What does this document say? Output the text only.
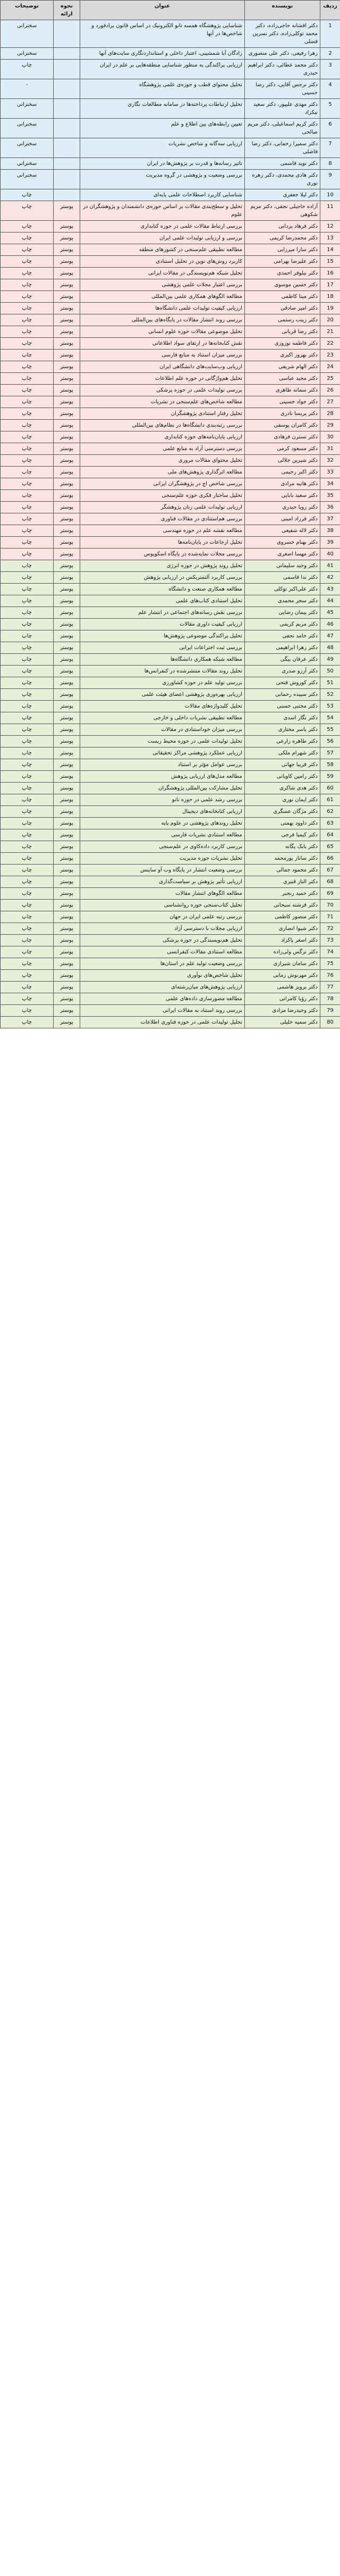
ردیف	نویسنده	عنوان	نحوه ارائه	توضیحات
1	دکتر افشانه حاجی‌زاده، دکتر محمد توکلی‌زاده، دکتر نسرین فضلی	شناسایی پژوهشگاه همسه نانو الکترونیک در اساس قانون برادفورد و شاخص‌ها در آنها		سخنرانی
2	زهرا رفیعی، دکتر علی منصوری	زادگان آبا شمشینی، اعتبار داخلی و استانداردنگاری سایت‌های آنها		سخنرانی
3	دکتر محمد عطائی، دکتر ابراهیم حیدری	ارزیابی پراکندگی به منظور شناسایی منطقه‌هایی بر علم در ایران		چاپ
4	دکتر نرجس آقایی، دکتر رضا حسینی	تحلیل محتوای قطب و حوزه‌ی علمی پژوهشگاه		-
5	دکتر مهدی علیپور، دکتر سعید نیکزاد	تحلیل ارتباطات پرداخته‌ها در سامانه مطالعات نگاری		سخنرانی
6	دکتر کریم اسماعیلی، دکتر مریم صالحی	تعیین رابطه‌های بین اطلاع و علم		سخنرانی
7	دکتر سمیرا رحمانی، دکتر رضا فاضلی	ارزیابی سه‌گانه و شاخص نشریات		سخنرانی
8	دکتر نوید قاسمی	تاثیر رسانه‌ها و قدرت بر پژوهش‌ها در ایران		سخنرانی
9	دکتر هادی محمدی، دکتر زهره نوری	بررسی وضعیت و پژوهشی در گروه مدیریت		سخنرانی
10	دکتر لیلا جعفری	شناسایی کاربرد اصطلاحات علمی پایه‌ای		چاپ
11	آزاده حاجیلی نجفی، دکتر مریم شکوهی	تحلیل و سطح‌بندی مقالات بر اساس حوزه‌ی دانشمندان و پژوهشگران در علوم	پوستر	چاپ
12	دکتر فرهاد یزدانی	بررسی ارتباط مقالات علمی در حوزه کتابداری	پوستر	چاپ
13	دکتر محمدرضا کریمی	بررسی و ارزیابی تولیدات علمی ایران	پوستر	چاپ
14	دکتر سارا میرزایی	مطالعه تطبیقی علم‌سنجی در کشورهای منطقه	پوستر	چاپ
15	دکتر علیرضا بهرامی	کاربرد روش‌های نوین در تحلیل استنادی	پوستر	چاپ
16	دکتر نیلوفر احمدی	تحلیل شبکه هم‌نویسندگی در مقالات ایرانی	پوستر	چاپ
17	دکتر حسین موسوی	بررسی اعتبار مجلات علمی پژوهشی	پوستر	چاپ
18	دکتر مینا کاظمی	مطالعه الگوهای همکاری علمی بین‌المللی	پوستر	چاپ
19	دکتر امیر صادقی	ارزیابی کیفیت تولیدات علمی دانشگاه‌ها	پوستر	چاپ
20	دکتر زینب رستمی	بررسی روند انتشار مقالات در پایگاه‌های بین‌المللی	پوستر	چاپ
21	دکتر رضا قربانی	تحلیل موضوعی مقالات حوزه علوم انسانی	پوستر	چاپ
22	دکتر فاطمه نوروزی	نقش کتابخانه‌ها در ارتقای سواد اطلاعاتی	پوستر	چاپ
23	دکتر بهروز اکبری	بررسی میزان استناد به منابع فارسی	پوستر	چاپ
24	دکتر الهام شریفی	ارزیابی وب‌سایت‌های دانشگاهی ایران	پوستر	چاپ
25	دکتر مجید عباسی	تحلیل هم‌واژگانی در حوزه علم اطلاعات	پوستر	چاپ
26	دکتر سمانه طاهری	بررسی تولیدات علمی در حوزه پزشکی	پوستر	چاپ
27	دکتر جواد حسینی	مطالعه شاخص‌های علم‌سنجی در نشریات	پوستر	چاپ
28	دکتر پریسا نادری	تحلیل رفتار استنادی پژوهشگران	پوستر	چاپ
29	دکتر کامران یوسفی	بررسی رتبه‌بندی دانشگاه‌ها در نظام‌های بین‌المللی	پوستر	چاپ
30	دکتر نسترن فرهادی	ارزیابی پایان‌نامه‌های حوزه کتابداری	پوستر	چاپ
31	دکتر مسعود کرمی	بررسی دسترسی آزاد به منابع علمی	پوستر	چاپ
32	دکتر شیرین جلالی	تحلیل محتوای مقالات مروری	پوستر	چاپ
33	دکتر اکبر رحیمی	مطالعه اثرگذاری پژوهش‌های ملی	پوستر	چاپ
34	دکتر هانیه مرادی	بررسی شاخص اچ در پژوهشگران ایرانی	پوستر	چاپ
35	دکتر سعید بابایی	تحلیل ساختار فکری حوزه علم‌سنجی	پوستر	چاپ
36	دکتر رویا حیدری	ارزیابی تولیدات علمی زنان پژوهشگر	پوستر	چاپ
37	دکتر فرزاد امینی	بررسی هم‌استنادی در مقالات فناوری	پوستر	چاپ
38	دکتر لاله شفیعی	مطالعه نقشه علم در حوزه مهندسی	پوستر	چاپ
39	دکتر بهنام خسروی	تحلیل ارجاعات در پایان‌نامه‌ها	پوستر	چاپ
40	دکتر مهسا اصغری	بررسی مجلات نمایه‌شده در پایگاه اسکوپوس	پوستر	چاپ
41	دکتر وحید سلیمانی	تحلیل روند پژوهش در حوزه انرژی	پوستر	چاپ
42	دکتر ندا قاسمی	بررسی کاربرد آلتمتریکس در ارزیابی پژوهش	پوستر	چاپ
43	دکتر علی‌اکبر توکلی	مطالعه همکاری صنعت و دانشگاه	پوستر	چاپ
44	دکتر سحر محمدی	تحلیل استنادی کتاب‌های علمی	پوستر	چاپ
45	دکتر پیمان رضایی	بررسی نقش رسانه‌های اجتماعی در انتشار علم	پوستر	چاپ
46	دکتر مریم کریمی	ارزیابی کیفیت داوری مقالات	پوستر	چاپ
47	دکتر حامد نجفی	تحلیل پراکندگی موضوعی پژوهش‌ها	پوستر	چاپ
48	دکتر زهرا ابراهیمی	بررسی ثبت اختراعات ایرانی	پوستر	چاپ
49	دکتر عرفان بیگی	مطالعه شبکه همکاری دانشگاه‌ها	پوستر	چاپ
50	دکتر آرزو صدری	تحلیل روند مقالات منتشرشده در کنفرانس‌ها	پوستر	چاپ
51	دکتر کوروش فتحی	بررسی تولید علم در حوزه کشاورزی	پوستر	چاپ
52	دکتر سپیده رحمانی	ارزیابی بهره‌وری پژوهشی اعضای هیئت علمی	پوستر	چاپ
53	دکتر مجتبی حسنی	تحلیل کلیدواژه‌های مقالات	پوستر	چاپ
54	دکتر نگار اسدی	مطالعه تطبیقی نشریات داخلی و خارجی	پوستر	چاپ
55	دکتر یاسر مختاری	بررسی میزان خوداستنادی در مقالات	پوستر	چاپ
56	دکتر طاهره زارعی	تحلیل تولیدات علمی در حوزه محیط زیست	پوستر	چاپ
57	دکتر شهرام ملکی	ارزیابی عملکرد پژوهشی مراکز تحقیقاتی	پوستر	چاپ
58	دکتر فریبا جهانی	بررسی عوامل مؤثر بر استناد	پوستر	چاپ
59	دکتر رامین کاویانی	مطالعه مدل‌های ارزیابی پژوهش	پوستر	چاپ
60	دکتر هدی شاکری	تحلیل مشارکت بین‌المللی پژوهشگران	پوستر	چاپ
61	دکتر ایمان نوری	بررسی رشد علمی در حوزه نانو	پوستر	چاپ
62	دکتر مژگان عسگری	ارزیابی کتابخانه‌های دیجیتال	پوستر	چاپ
63	دکتر داوود بهمنی	تحلیل روندهای پژوهشی در علوم پایه	پوستر	چاپ
64	دکتر کیمیا فرجی	مطالعه استنادی نشریات فارسی	پوستر	چاپ
65	دکتر بابک یگانه	بررسی کاربرد داده‌کاوی در علم‌سنجی	پوستر	چاپ
66	دکتر ساناز پورمحمد	تحلیل نشریات حوزه مدیریت	پوستر	چاپ
67	دکتر محمود جمالی	بررسی وضعیت انتشار در پایگاه وب آو ساینس	پوستر	چاپ
68	دکتر الناز قنبری	ارزیابی تأثیر پژوهش بر سیاست‌گذاری	پوستر	چاپ
69	دکتر حمید رنجبر	مطالعه الگوهای انتشار مقالات	پوستر	چاپ
70	دکتر فرشته سبحانی	تحلیل کتاب‌سنجی حوزه روانشناسی	پوستر	چاپ
71	دکتر منصور کاظمی	بررسی رتبه علمی ایران در جهان	پوستر	چاپ
72	دکتر شیوا انصاری	ارزیابی مجلات با دسترسی آزاد	پوستر	چاپ
73	دکتر اصغر پاکزاد	تحلیل هم‌نویسندگی در حوزه پزشکی	پوستر	چاپ
74	دکتر نرگس ولی‌زاده	مطالعه استنادی مقالات کنفرانسی	پوستر	چاپ
75	دکتر سامان شیرازی	بررسی وضعیت تولید علم در استان‌ها	پوستر	چاپ
76	دکتر مهرنوش زمانی	تحلیل شاخص‌های نوآوری	پوستر	چاپ
77	دکتر پرویز هاشمی	ارزیابی پژوهش‌های میان‌رشته‌ای	پوستر	چاپ
78	دکتر رؤیا کامرانی	مطالعه مصورسازی داده‌های علمی	پوستر	چاپ
79	دکتر وحیدرضا مرادی	بررسی روند استناد به مقالات ایرانی	پوستر	چاپ
80	دکتر سمیه خلیلی	تحلیل تولیدات علمی در حوزه فناوری اطلاعات	پوستر	چاپ
